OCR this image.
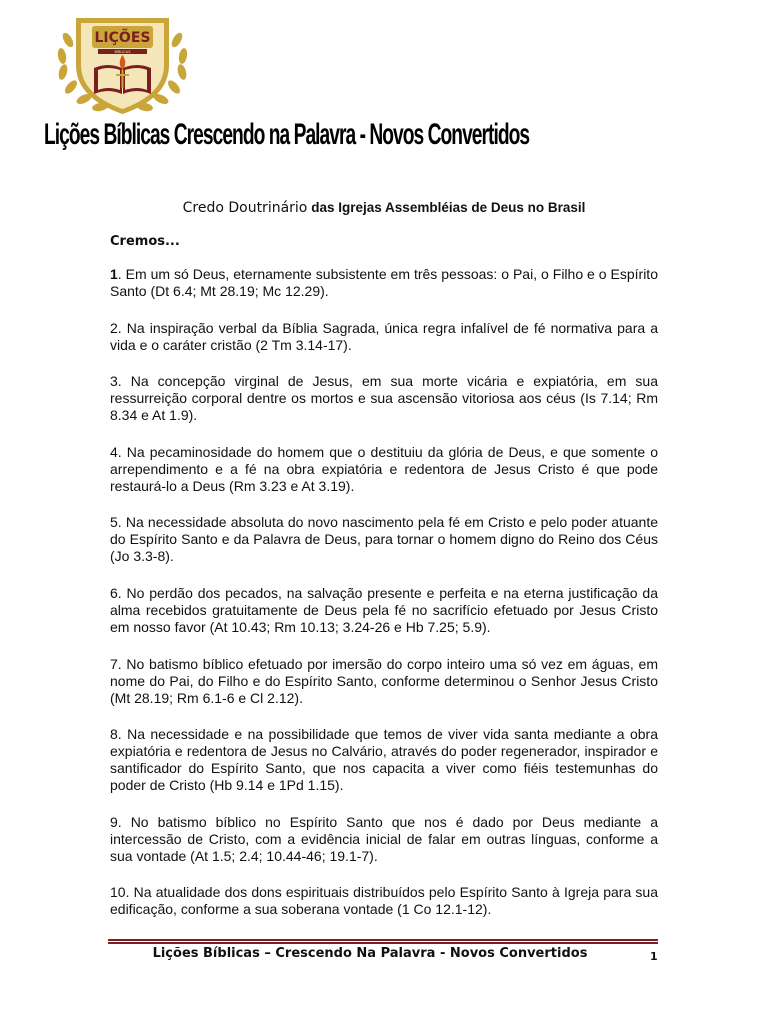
LIÇÕES
BÍBLICAS
Lições Bíblicas Crescendo na Palavra - Novos Convertidos
Credo Doutrinário das Igrejas Assembléias de Deus no Brasil
Cremos...

1. Em um só Deus, eternamente subsistente em três pessoas: o Pai, o Filho e o Espírito Santo (Dt 6.4; Mt 28.19; Mc 12.29).

2. Na inspiração verbal da Bíblia Sagrada, única regra infalível de fé normativa para a vida e o caráter cristão (2 Tm 3.14-17).

3. Na concepção virginal de Jesus, em sua morte vicária e expiatória, em sua ressurreição corporal dentre os mortos e sua ascensão vitoriosa aos céus (Is 7.14; Rm 8.34 e At 1.9).

4. Na pecaminosidade do homem que o destituiu da glória de Deus, e que somente o arrependimento e a fé na obra expiatória e redentora de Jesus Cristo é que pode restaurá-lo a Deus (Rm 3.23 e At 3.19).

5. Na necessidade absoluta do novo nascimento pela fé em Cristo e pelo poder atuante do Espírito Santo e da Palavra de Deus, para tornar o homem digno do Reino dos Céus (Jo 3.3-8).

6. No perdão dos pecados, na salvação presente e perfeita e na eterna justificação da alma recebidos gratuitamente de Deus pela fé no sacrifício efetuado por Jesus Cristo em nosso favor (At 10.43; Rm 10.13; 3.24-26 e Hb 7.25; 5.9).

7. No batismo bíblico efetuado por imersão do corpo inteiro uma só vez em águas, em nome do Pai, do Filho e do Espírito Santo, conforme determinou o Senhor Jesus Cristo (Mt 28.19; Rm 6.1-6 e Cl 2.12).

8. Na necessidade e na possibilidade que temos de viver vida santa mediante a obra expiatória e redentora de Jesus no Calvário, através do poder regenerador, inspirador e santificador do Espírito Santo, que nos capacita a viver como fiéis testemunhas do poder de Cristo (Hb 9.14 e 1Pd 1.15).

9. No batismo bíblico no Espírito Santo que nos é dado por Deus mediante a intercessão de Cristo, com a evidência inicial de falar em outras línguas, conforme a sua vontade (At 1.5; 2.4; 10.44-46; 19.1-7).

10. Na atualidade dos dons espirituais distribuídos pelo Espírito Santo à Igreja para sua edificação, conforme a sua soberana vontade (1 Co 12.1-12).

Lições Bíblicas – Crescendo Na Palavra - Novos Convertidos	1
